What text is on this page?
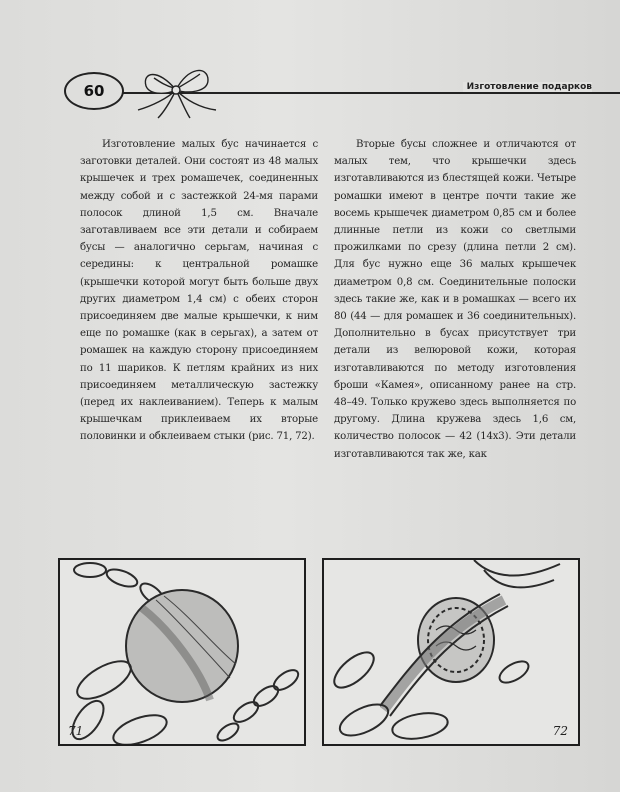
60	Изготовление подарков

Изготовление малых бус начинается с заготовки деталей. Они состоят из 48 малых крышечек и трех ромашечек, соединенных между собой и с застежкой 24-мя парами полосок длиной 1,5 см. Вначале заготавливаем все эти детали и собираем бусы — аналогично серьгам, начиная с середины: к центральной ромашке (крышечки которой могут быть больше двух других диаметром 1,4 см) с обеих сторон присоединяем две малые крышечки, к ним еще по ромашке (как в серьгах), а затем от ромашек на каждую сторону присоединяем по 11 шариков. К петлям крайних из них присоединяем металлическую застежку (перед их наклеиванием). Теперь к малым крышечкам приклеиваем их вторые половинки и обклеиваем стыки (рис. 71, 72).

Вторые бусы сложнее и отличаются от малых тем, что крышечки здесь изготавливаются из блестящей кожи. Четыре ромашки имеют в центре почти такие же восемь крышечек диаметром 0,85 см и более длинные петли из кожи со светлыми прожилками по срезу (длина петли 2 см). Для бус нужно еще 36 малых крышечек диаметром 0,8 см. Соединительные полоски здесь такие же, как и в ромашках — всего их 80 (44 — для ромашек и 36 соединительных). Дополнительно в бусах присутствует три детали из велюровой кожи, которая изготавливаются по методу изготовления броши «Камея», описанному ранее на стр. 48–49. Только кружево здесь выполняется по другому. Длина кружева здесь 1,6 см, количество полосок — 42 (14х3). Эти детали изготавливаются так же, как

71	72
